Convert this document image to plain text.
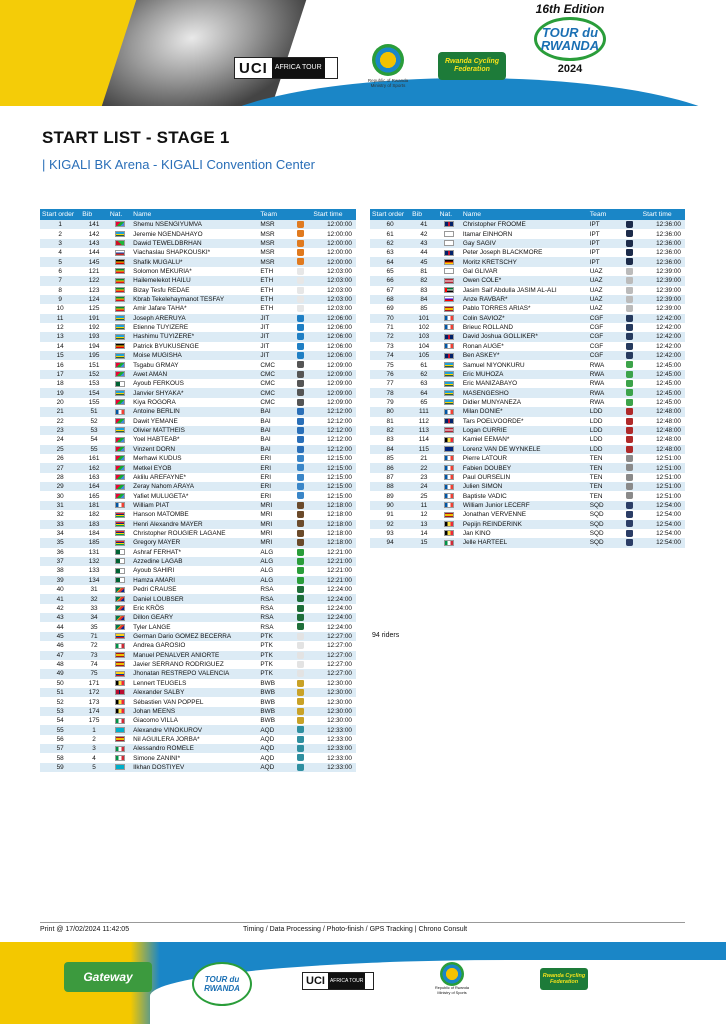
UCI	AFRICA TOUR
Republic of Rwanda Ministry of Sports
Rwanda Cycling Federation
16th Edition
TOUR du RWANDA
2024
START LIST - STAGE 1
| KIGALI BK Arena - KIGALI Convention Center
Start order	Bib	Nat.	Name	Team		Start time
1	141		Shemu NSENGIYUMVA	MSR		12:00:00
2	142		Jeremie NGENDAHAYO	MSR		12:00:00
3	143		Dawid TEWELDBRHAN	MSR		12:00:00
4	144		Viachaslau SHAPKOUSKI*	MSR		12:00:00
5	145		Shafik MUGALU*	MSR		12:00:00
6	121		Solomon MEKURIA*	ETH		12:03:00
7	122		Hailemelekot HAILU	ETH		12:03:00
8	123		Bizay Tesfu REDAE	ETH		12:03:00
9	124		Kbrab Tekelehaymanot TESFAY	ETH		12:03:00
10	125		Amir Jafare TAHA*	ETH		12:03:00
11	191		Joseph ARERUYA	JIT		12:06:00
12	192		Etienne TUYIZERE	JIT		12:06:00
13	193		Hashimu TUYIZERE*	JIT		12:06:00
14	194		Patrick BYUKUSENGE	JIT		12:06:00
15	195		Moise MUGISHA	JIT		12:06:00
16	151		Tsgabu GRMAY	CMC		12:09:00
17	152		Awet AMAN	CMC		12:09:00
18	153		Ayoub FERKOUS	CMC		12:09:00
19	154		Janvier SHYAKA*	CMC		12:09:00
20	155		Kiya ROGORA	CMC		12:09:00
21	51		Antoine BERLIN	BAI		12:12:00
22	52		Dawit YEMANE	BAI		12:12:00
23	53		Olivier MATTHEIS	BAI		12:12:00
24	54		Yoel HABTEAB*	BAI		12:12:00
25	55		Vinzent DORN	BAI		12:12:00
26	161		Merhawi KUDUS	ERI		12:15:00
27	162		Metkel EYOB	ERI		12:15:00
28	163		Aklilu AREFAYNE*	ERI		12:15:00
29	164		Zeray Nahom ARAYA	ERI		12:15:00
30	165		Yafiet MULUGETA*	ERI		12:15:00
31	181		William PIAT	MRI		12:18:00
32	182		Hanson MATOMBE	MRI		12:18:00
33	183		Henri Alexandre MAYER	MRI		12:18:00
34	184		Christopher ROUGIER LAGANE	MRI		12:18:00
35	185		Gregory MAYER	MRI		12:18:00
36	131		Ashraf FERHAT*	ALG		12:21:00
37	132		Azzedine LAGAB	ALG		12:21:00
38	133		Ayoub SAHIRI	ALG		12:21:00
39	134		Hamza AMARI	ALG		12:21:00
40	31		Pedri CRAUSE	RSA		12:24:00
41	32		Daniel LOUBSER	RSA		12:24:00
42	33		Eric KRÖS	RSA		12:24:00
43	34		Dillon GEARY	RSA		12:24:00
44	35		Tyler LANGE	RSA		12:24:00
45	71		German Dario GOMEZ BECERRA	PTK		12:27:00
46	72		Andrea GAROSIO	PTK		12:27:00
47	73		Manuel PENALVER ANIORTE	PTK		12:27:00
48	74		Javier SERRANO RODRIGUEZ	PTK		12:27:00
49	75		Jhonatan RESTREPO VALENCIA	PTK		12:27:00
50	171		Lennert TEUGELS	BWB		12:30:00
51	172		Alexander SALBY	BWB		12:30:00
52	173		Sébastien VAN POPPEL	BWB		12:30:00
53	174		Johan MEENS	BWB		12:30:00
54	175		Giacomo VILLA	BWB		12:30:00
55	1		Alexandre VINOKUROV	AQD		12:33:00
56	2		Nil AGUILERA JORBA*	AQD		12:33:00
57	3		Alessandro ROMELE	AQD		12:33:00
58	4		Simone ZANINI*	AQD		12:33:00
59	5		Ilkhan DOSTIYEV	AQD		12:33:00
Start order	Bib	Nat.	Name	Team		Start time
60	41		Christopher FROOME	IPT		12:36:00
61	42		Itamar EINHORN	IPT		12:36:00
62	43		Gay SAGIV	IPT		12:36:00
63	44		Peter Joseph BLACKMORE	IPT		12:36:00
64	45		Moritz KRETSCHY	IPT		12:36:00
65	81		Gal GLIVAR	UAZ		12:39:00
66	82		Owen COLE*	UAZ		12:39:00
67	83		Jasim Saif Abdulla JASIM AL-ALI	UAZ		12:39:00
68	84		Anze RAVBAR*	UAZ		12:39:00
69	85		Pablo TORRES ARIAS*	UAZ		12:39:00
70	101		Colin SAVIOZ*	CGF		12:42:00
71	102		Brieuc ROLLAND	CGF		12:42:00
72	103		David Joshua GOLLIKER*	CGF		12:42:00
73	104		Ronan AUGE*	CGF		12:42:00
74	105		Ben ASKEY*	CGF		12:42:00
75	61		Samuel NIYONKURU	RWA		12:45:00
76	62		Eric MUHOZA	RWA		12:45:00
77	63		Eric MANIZABAYO	RWA		12:45:00
78	64		MASENGESHO	RWA		12:45:00
79	65		Didier MUNYANEZA	RWA		12:45:00
80	111		Milan DONIE*	LDD		12:48:00
81	112		Tars POELVOORDE*	LDD		12:48:00
82	113		Logan CURRIE	LDD		12:48:00
83	114		Kamiel EEMAN*	LDD		12:48:00
84	115		Lorenz VAN DE WYNKELE	LDD		12:48:00
85	21		Pierre LATOUR	TEN		12:51:00
86	22		Fabien DOUBEY	TEN		12:51:00
87	23		Paul OURSELIN	TEN		12:51:00
88	24		Julien SIMON	TEN		12:51:00
89	25		Baptiste VADIC	TEN		12:51:00
90	11		William Junior LECERF	SQD		12:54:00
91	12		Jonathan VERVENNE	SQD		12:54:00
92	13		Pepijn REINDERINK	SQD		12:54:00
93	14		Jan KINO	SQD		12:54:00
94	15		Jelle HARTEEL	SQD		12:54:00
94 riders
Print @ 17/02/2024 11:42:05	Timing / Data Processing / Photo-finish / GPS Tracking | Chrono Consult
Gateway	TOUR du RWANDA
UCI	AFRICA TOUR
Republic of Rwanda Ministry of Sports
Rwanda Cycling Federation
